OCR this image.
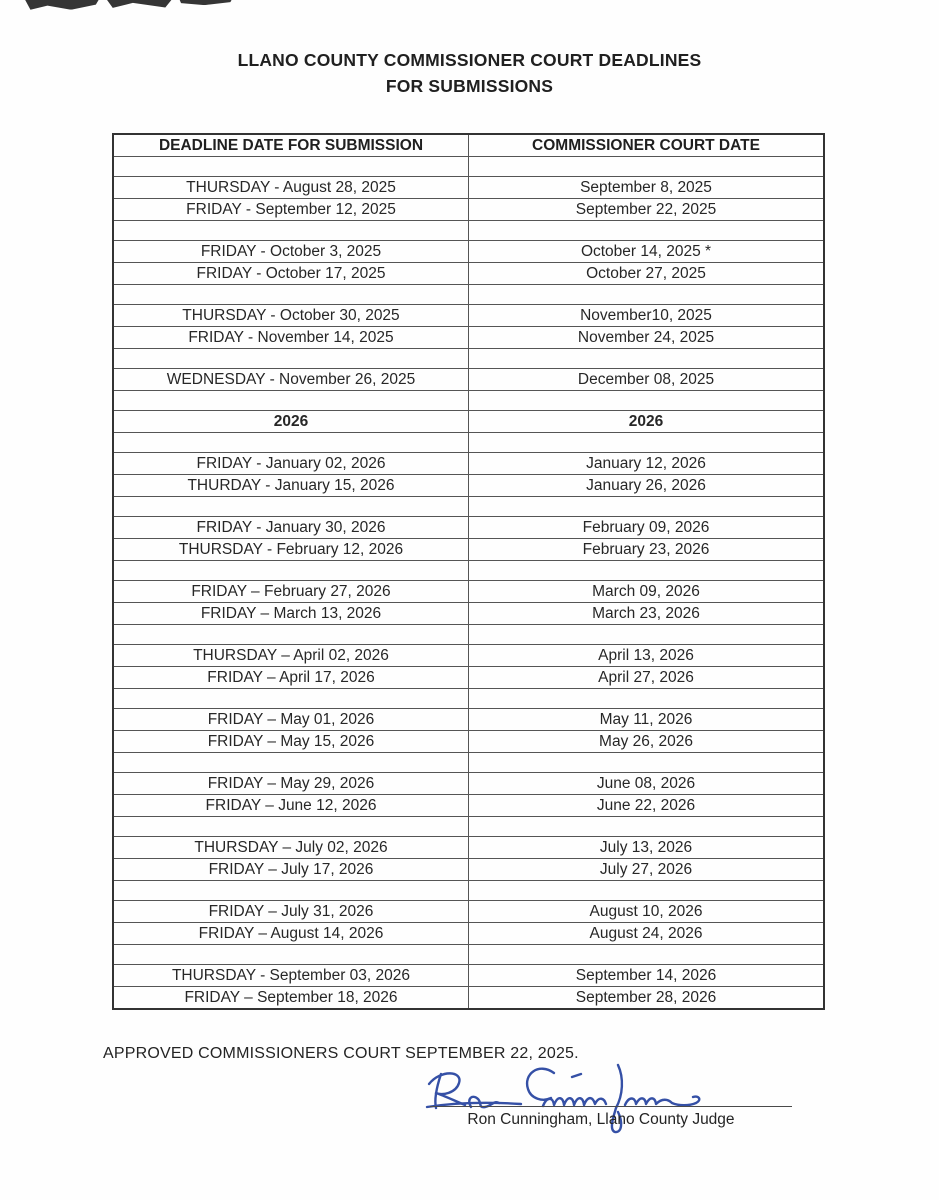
LLANO COUNTY COMMISSIONER COURT DEADLINES
FOR SUBMISSIONS
DEADLINE DATE FOR SUBMISSION	COMMISSIONER COURT DATE

THURSDAY - August 28, 2025	September 8, 2025
FRIDAY - September 12, 2025	September 22, 2025

FRIDAY - October 3, 2025	October 14, 2025 *
FRIDAY - October 17, 2025	October 27, 2025

THURSDAY - October 30, 2025	November10, 2025
FRIDAY - November 14, 2025	November 24, 2025

WEDNESDAY - November 26, 2025	December 08, 2025

2026	2026

FRIDAY - January 02, 2026	January 12, 2026
THURDAY - January 15, 2026	January 26, 2026

FRIDAY - January 30, 2026	February 09, 2026
THURSDAY - February 12, 2026	February 23, 2026

FRIDAY – February 27, 2026	March 09, 2026
FRIDAY – March 13, 2026	March 23, 2026

THURSDAY – April 02, 2026	April 13, 2026
FRIDAY – April 17, 2026	April 27, 2026

FRIDAY – May 01, 2026	May 11, 2026
FRIDAY – May 15, 2026	May 26, 2026

FRIDAY – May 29, 2026	June 08, 2026
FRIDAY – June 12, 2026	June 22, 2026

THURSDAY – July 02, 2026	July 13, 2026
FRIDAY – July 17, 2026	July 27, 2026

FRIDAY – July 31, 2026	August 10, 2026
FRIDAY – August 14, 2026	August 24, 2026

THURSDAY - September 03, 2026	September 14, 2026
FRIDAY – September 18, 2026	September 28, 2026
APPROVED COMMISSIONERS COURT SEPTEMBER 22, 2025.
Ron Cunningham, Llano County Judge
